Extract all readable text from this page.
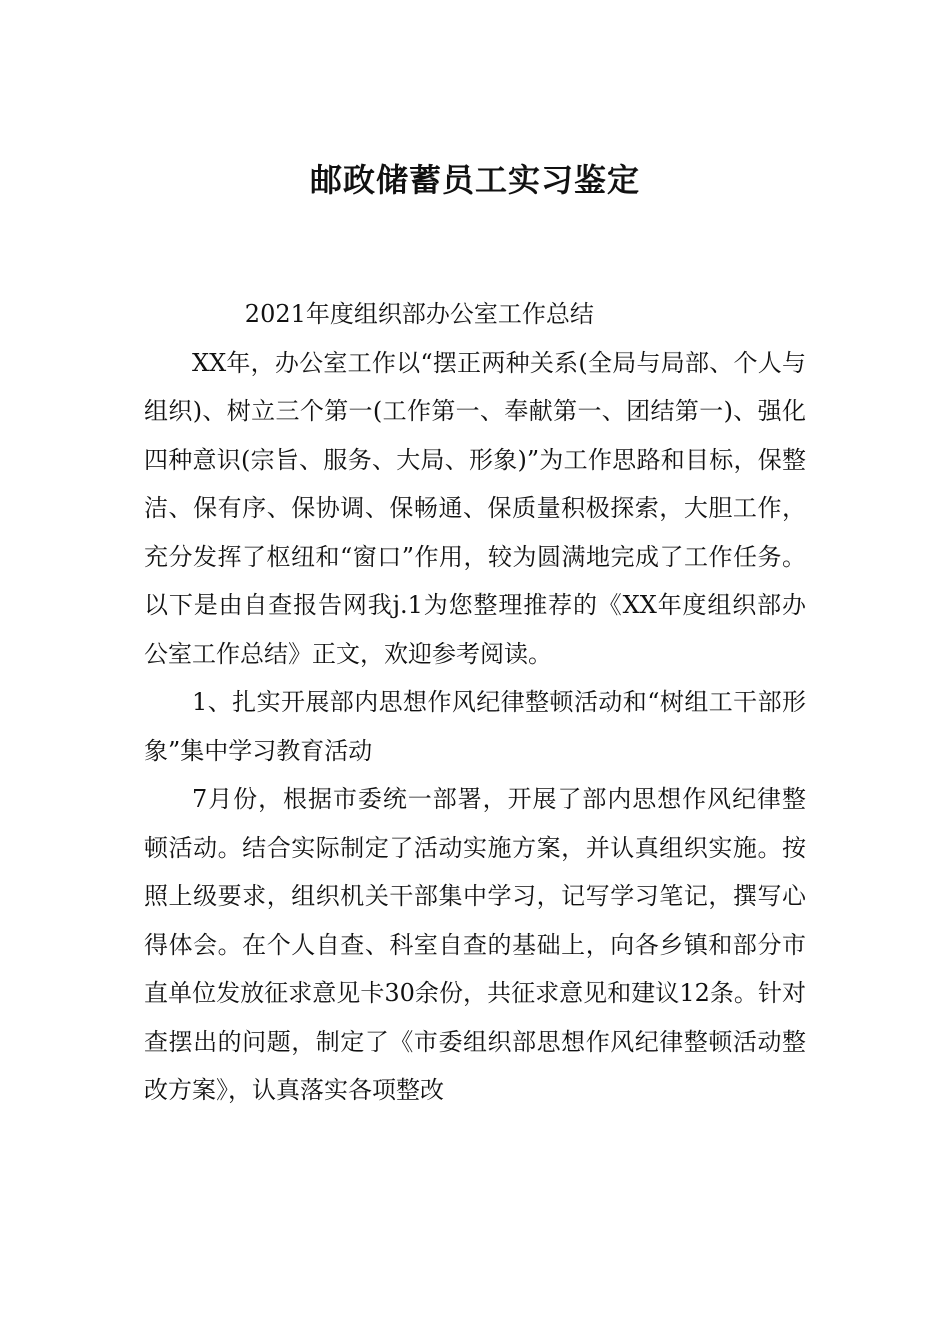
邮政储蓄员工实习鉴定

2021年度组织部办公室工作总结

XX年，办公室工作以“摆正两种关系(全局与局部、个人与组织)、树立三个第一(工作第一、奉献第一、团结第一)、强化四种意识(宗旨、服务、大局、形象)”为工作思路和目标，保整洁、保有序、保协调、保畅通、保质量积极探索，大胆工作，充分发挥了枢纽和“窗口”作用，较为圆满地完成了工作任务。以下是由自查报告网我j.1为您整理推荐的《XX年度组织部办公室工作总结》正文，欢迎参考阅读。

1、扎实开展部内思想作风纪律整顿活动和“树组工干部形象”集中学习教育活动

7月份，根据市委统一部署，开展了部内思想作风纪律整顿活动。结合实际制定了活动实施方案，并认真组织实施。按照上级要求，组织机关干部集中学习，记写学习笔记，撰写心得体会。在个人自查、科室自查的基础上，向各乡镇和部分市直单位发放征求意见卡30余份，共征求意见和建议12条。针对查摆出的问题，制定了《市委组织部思想作风纪律整顿活动整改方案》，认真落实各项整改
